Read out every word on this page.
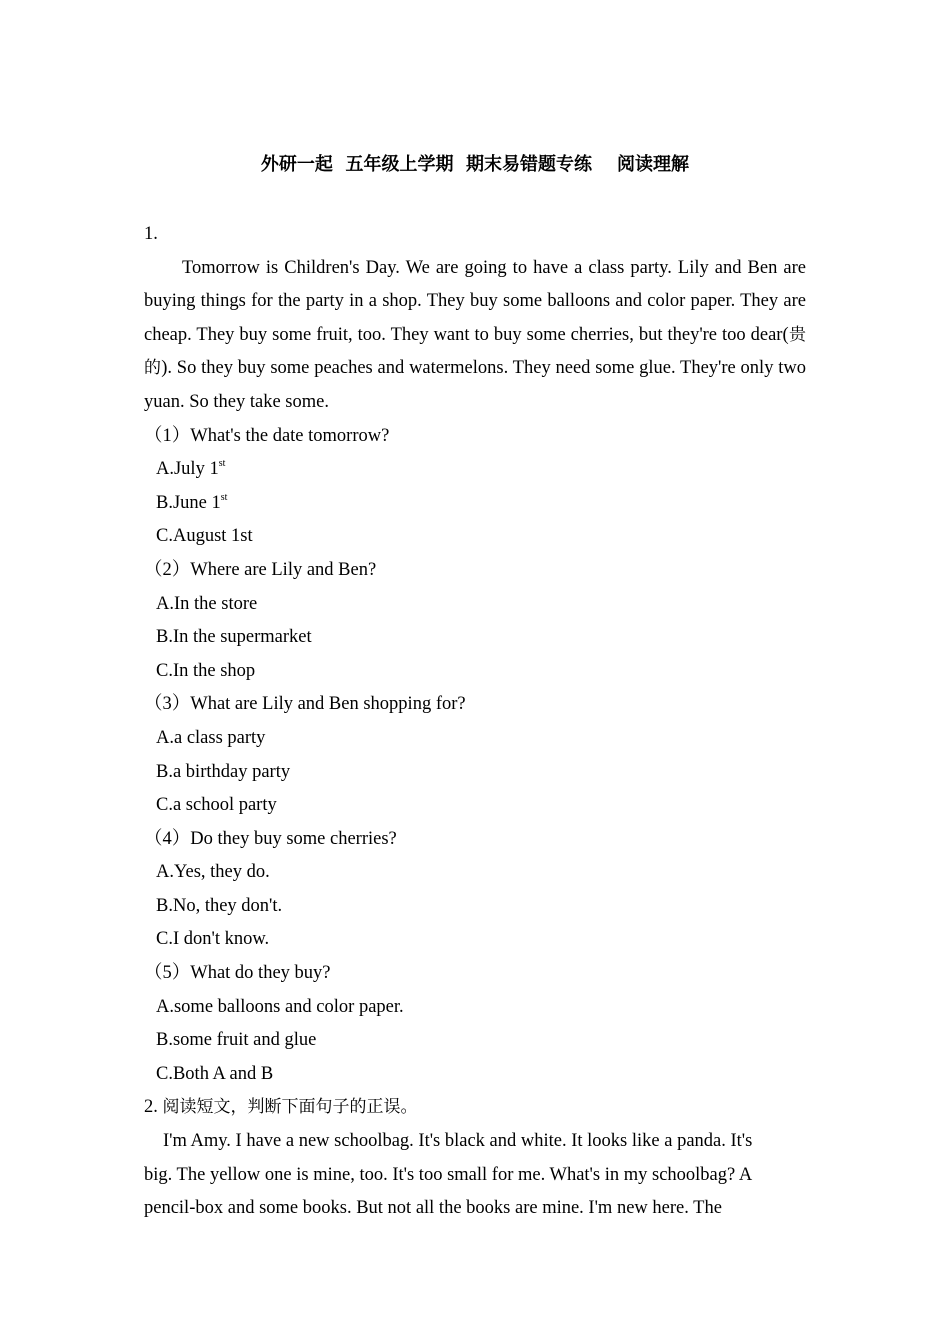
外研一起  五年级上学期  期末易错题专练    阅读理解
1.

Tomorrow is Children's Day. We are going to have a class party. Lily and Ben are buying things for the party in a shop. They buy some balloons and color paper. They are cheap. They buy some fruit, too. They want to buy some cherries, but they're too dear(贵的). So they buy some peaches and watermelons. They need some glue. They're only two yuan. So they take some.

（1）What's the date tomorrow?
A.July 1st
B.June 1st
C.August 1st
（2）Where are Lily and Ben?
A.In the store
B.In the supermarket
C.In the shop
（3）What are Lily and Ben shopping for?
A.a class party
B.a birthday party
C.a school party
（4）Do they buy some cherries?
A.Yes, they do.
B.No, they don't.
C.I don't know.
（5）What do they buy?
A.some balloons and color paper.
B.some fruit and glue
C.Both A and B
2. 阅读短文，判断下面句子的正误。

I'm Amy. I have a new schoolbag. It's black and white. It looks like a panda. It's big. The yellow one is mine, too. It's too small for me. What's in my schoolbag? A pencil-box and some books. But not all the books are mine. I'm new here. The
